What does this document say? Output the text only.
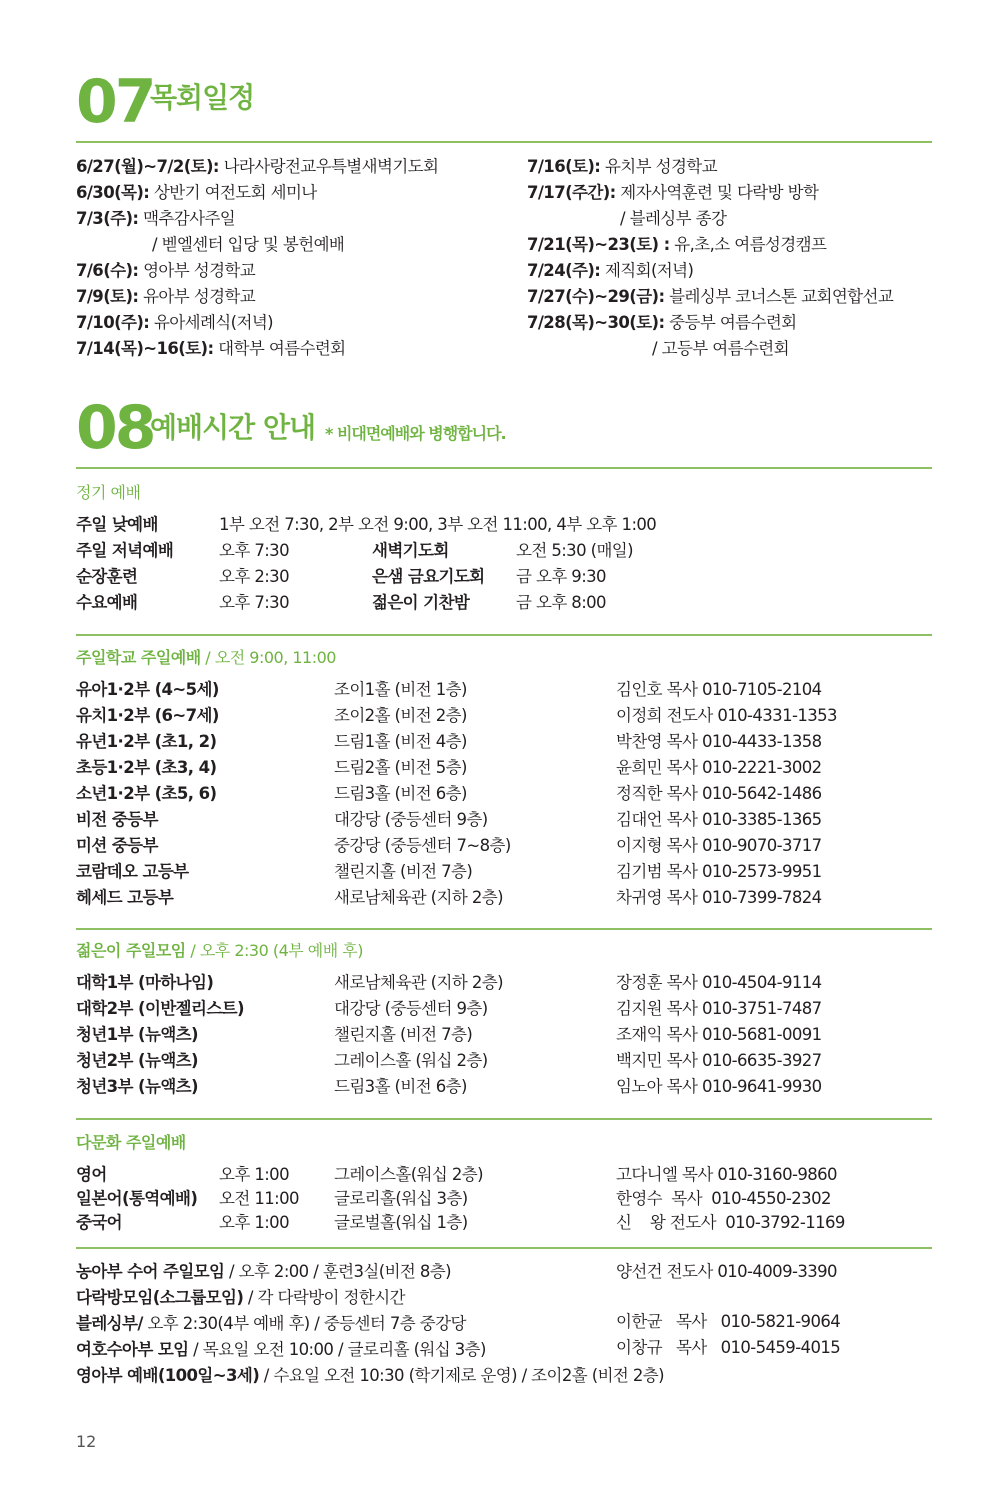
07
목회일정
6/27(월)~7/2(토): 나라사랑전교우특별새벽기도회
6/30(목): 상반기 여전도회 세미나
7/3(주): 맥추감사주일
/ 벧엘센터 입당 및 봉헌예배
7/6(수): 영아부 성경학교
7/9(토): 유아부 성경학교
7/10(주): 유아세례식(저녁)
7/14(목)~16(토): 대학부 여름수련회
7/16(토): 유치부 성경학교
7/17(주간): 제자사역훈련 및 다락방 방학
/ 블레싱부 종강
7/21(목)~23(토) : 유,초,소 여름성경캠프
7/24(주): 제직회(저녁)
7/27(수)~29(금): 블레싱부 코너스톤 교회연합선교
7/28(목)~30(토): 중등부 여름수련회
/ 고등부 여름수련회
08
예배시간 안내 * 비대면예배와 병행합니다.
정기 예배
주일 낮예배	1부 오전 7:30, 2부 오전 9:00, 3부 오전 11:00, 4부 오후 1:00
주일 저녁예배	오후 7:30	새벽기도회	오전 5:30 (매일)
순장훈련	오후 2:30	은샘 금요기도회 금 오후 9:30
수요예배	오후 7:30	젊은이 기찬밤	금 오후 8:00
주일학교 주일예배 / 오전 9:00, 11:00
유아1·2부 (4~5세)	조이1홀 (비전 1층)	김인호 목사 010-7105-2104
유치1·2부 (6~7세)	조이2홀 (비전 2층)	이정희 전도사 010-4331-1353
유년1·2부 (초1, 2)	드림1홀 (비전 4층)	박찬영 목사 010-4433-1358
초등1·2부 (초3, 4)	드림2홀 (비전 5층)	윤희민 목사 010-2221-3002
소년1·2부 (초5, 6)	드림3홀 (비전 6층)	정직한 목사 010-5642-1486
비전 중등부	대강당 (중등센터 9층)	김대언 목사 010-3385-1365
미션 중등부	중강당 (중등센터 7~8층)	이지형 목사 010-9070-3717
코람데오 고등부	챌린지홀 (비전 7층)	김기범 목사 010-2573-9951
헤세드 고등부	새로남체육관 (지하 2층)	차귀영 목사 010-7399-7824
젊은이 주일모임 / 오후 2:30 (4부 예배 후)
대학1부 (마하나임)	새로남체육관 (지하 2층)	장정훈 목사 010-4504-9114
대학2부 (이반젤리스트)	대강당 (중등센터 9층)	김지원 목사 010-3751-7487
청년1부 (뉴액츠)	챌린지홀 (비전 7층)	조재익 목사 010-5681-0091
청년2부 (뉴액츠)	그레이스홀 (워십 2층)	백지민 목사 010-6635-3927
청년3부 (뉴액츠)	드림3홀 (비전 6층)	임노아 목사 010-9641-9930
다문화 주일예배
영어	오후 1:00	그레이스홀(워십 2층)	고다니엘 목사 010-3160-9860
일본어(통역예배) 오전 11:00 글로리홀(워십 3층)	한영수  목사  010-4550-2302
중국어	오후 1:00	글로벌홀(워십 1층)	신    왕 전도사  010-3792-1169
농아부 수어 주일모임 / 오후 2:00 / 훈련3실(비전 8층)	양선건 전도사 010-4009-3390
다락방모임(소그룹모임) / 각 다락방이 정한시간
블레싱부/ 오후 2:30(4부 예배 후) / 중등센터 7층 중강당	이한균   목사   010-5821-9064
여호수아부 모임 / 목요일 오전 10:00 / 글로리홀 (워십 3층)	이창규   목사   010-5459-4015
영아부 예배(100일~3세) / 수요일 오전 10:30 (학기제로 운영) / 조이2홀 (비전 2층)
12
